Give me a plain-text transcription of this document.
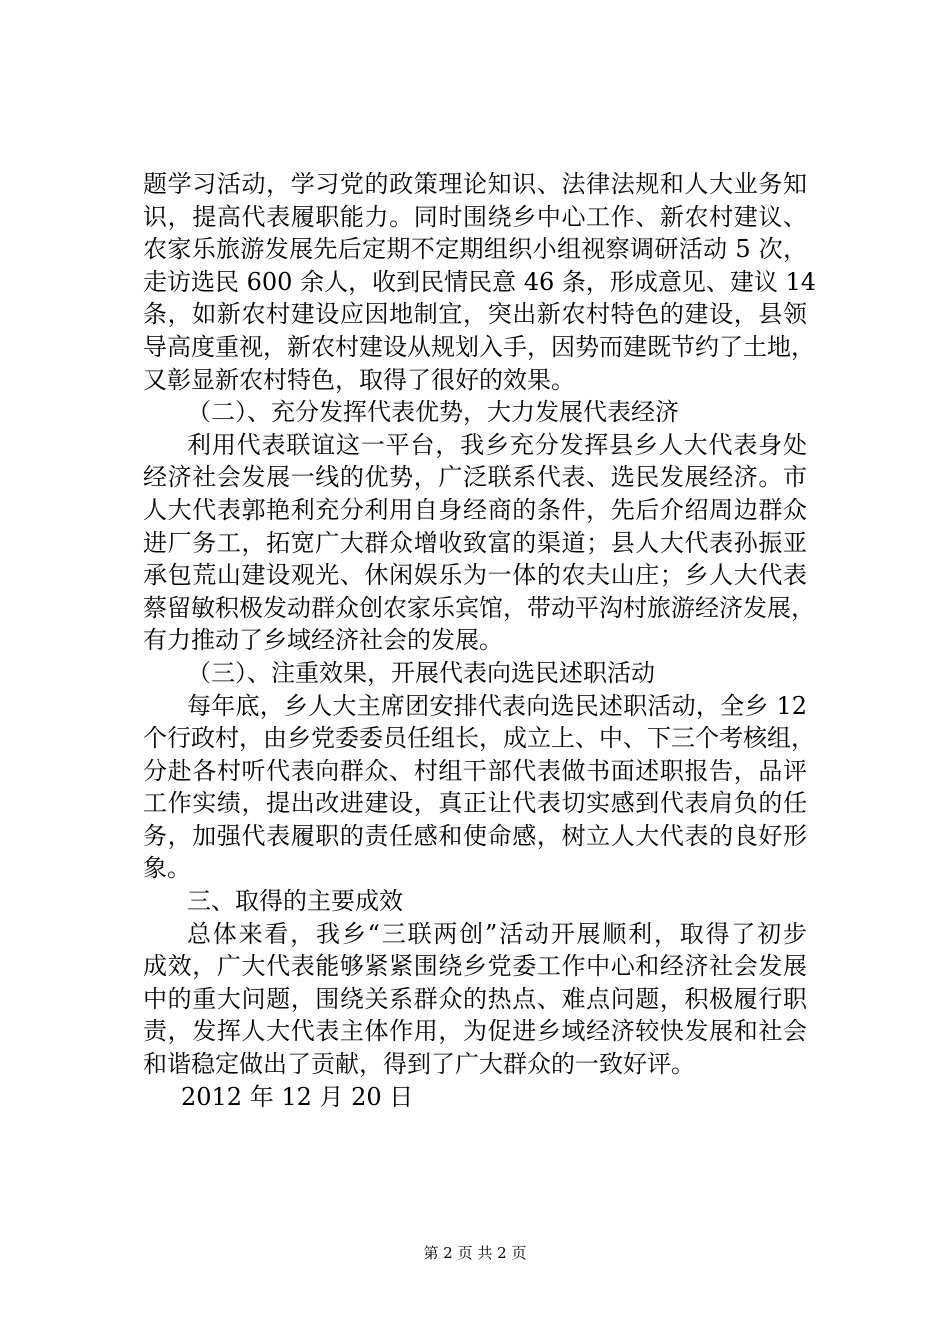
题学习活动，学习党的政策理论知识、法律法规和人大业务知
识，提高代表履职能力。同时围绕乡中心工作、新农村建议、
农家乐旅游发展先后定期不定期组织小组视察调研活动 5 次，
走访选民 600 余人，收到民情民意 46 条，形成意见、建议 14
条，如新农村建设应因地制宜，突出新农村特色的建设，县领
导高度重视，新农村建设从规划入手，因势而建既节约了土地，
又彰显新农村特色，取得了很好的效果。
（二）、充分发挥代表优势，大力发展代表经济
利用代表联谊这一平台，我乡充分发挥县乡人大代表身处
经济社会发展一线的优势，广泛联系代表、选民发展经济。市
人大代表郭艳利充分利用自身经商的条件，先后介绍周边群众
进厂务工，拓宽广大群众增收致富的渠道；县人大代表孙振亚
承包荒山建设观光、休闲娱乐为一体的农夫山庄；乡人大代表
蔡留敏积极发动群众创农家乐宾馆，带动平沟村旅游经济发展，
有力推动了乡域经济社会的发展。
（三）、注重效果，开展代表向选民述职活动
每年底，乡人大主席团安排代表向选民述职活动，全乡 12
个行政村，由乡党委委员任组长，成立上、中、下三个考核组，
分赴各村听代表向群众、村组干部代表做书面述职报告，品评
工作实绩，提出改进建设，真正让代表切实感到代表肩负的任
务，加强代表履职的责任感和使命感，树立人大代表的良好形
象。
三、取得的主要成效
总体来看，我乡“三联两创”活动开展顺利，取得了初步
成效，广大代表能够紧紧围绕乡党委工作中心和经济社会发展
中的重大问题，围绕关系群众的热点、难点问题，积极履行职
责，发挥人大代表主体作用，为促进乡域经济较快发展和社会
和谐稳定做出了贡献，得到了广大群众的一致好评。
2012 年 12 月 20 日
第 2 页 共 2 页
